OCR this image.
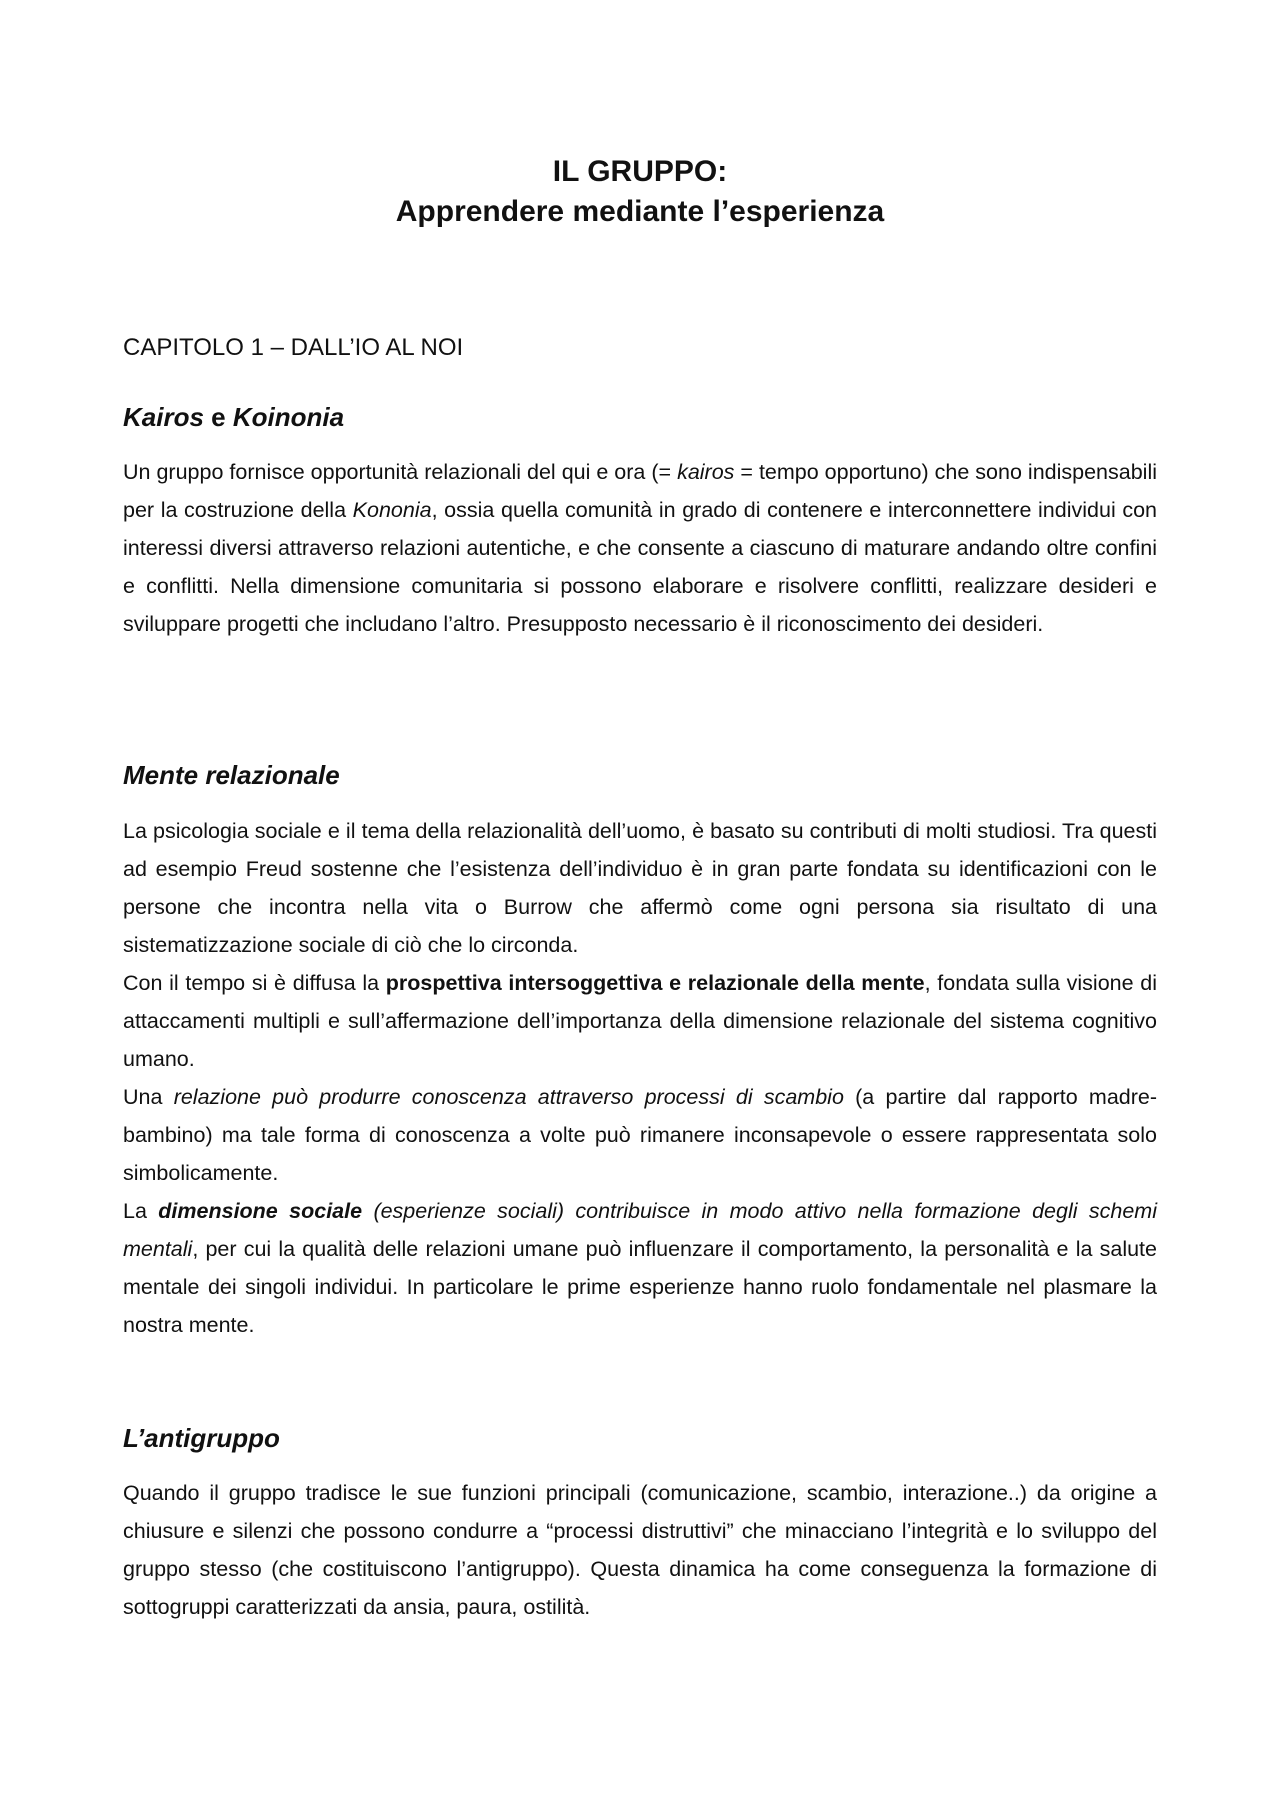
IL GRUPPO:
Apprendere mediante l’esperienza
CAPITOLO 1 – DALL’IO AL NOI
Kairos e Koinonia

Un gruppo fornisce opportunità relazionali del qui e ora (= kairos = tempo opportuno) che sono indispensabili per la costruzione della Kononia, ossia quella comunità in grado di contenere e interconnettere individui con interessi diversi attraverso relazioni autentiche, e che consente a ciascuno di maturare andando oltre confini e conflitti. Nella dimensione comunitaria si possono elaborare e risolvere conflitti, realizzare desideri e sviluppare progetti che includano l’altro. Presupposto necessario è il riconoscimento dei desideri.

Mente relazionale

La psicologia sociale e il tema della relazionalità dell’uomo, è basato su contributi di molti studiosi. Tra questi ad esempio Freud sostenne che l’esistenza dell’individuo è in gran parte fondata su identificazioni con le persone che incontra nella vita o Burrow che affermò come ogni persona sia risultato di una sistematizzazione sociale di ciò che lo circonda.

Con il tempo si è diffusa la prospettiva intersoggettiva e relazionale della mente, fondata sulla visione di attaccamenti multipli e sull’affermazione dell’importanza della dimensione relazionale del sistema cognitivo umano.

Una relazione può produrre conoscenza attraverso processi di scambio (a partire dal rapporto madre-bambino) ma tale forma di conoscenza a volte può rimanere inconsapevole o essere rappresentata solo simbolicamente.

La dimensione sociale (esperienze sociali) contribuisce in modo attivo nella formazione degli schemi mentali, per cui la qualità delle relazioni umane può influenzare il comportamento, la personalità e la salute mentale dei singoli individui. In particolare le prime esperienze hanno ruolo fondamentale nel plasmare la nostra mente.

L’antigruppo

Quando il gruppo tradisce le sue funzioni principali (comunicazione, scambio, interazione..) da origine a chiusure e silenzi che possono condurre a “processi distruttivi” che minacciano l’integrità e lo sviluppo del gruppo stesso (che costituiscono l’antigruppo). Questa dinamica ha come conseguenza la formazione di sottogruppi caratterizzati da ansia, paura, ostilità.
